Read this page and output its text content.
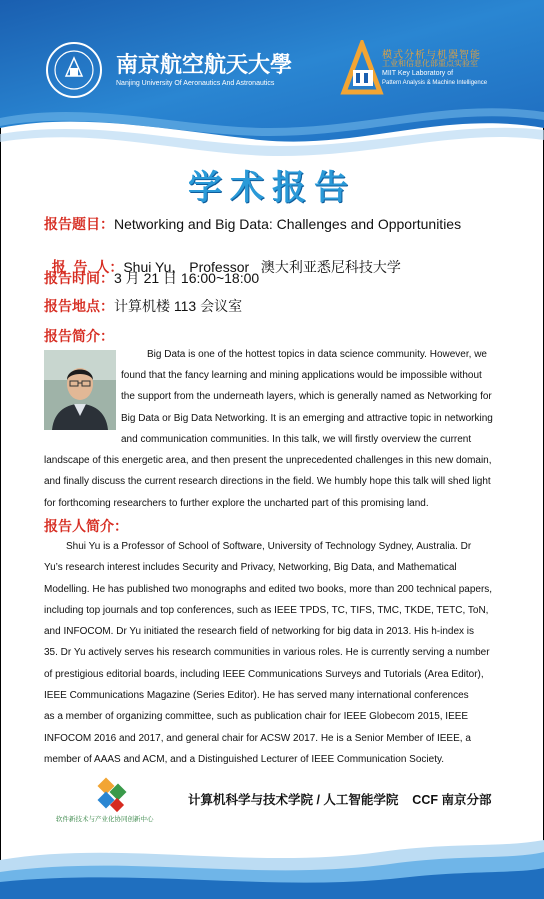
南京航空航天大學
Nanjing University Of Aeronautics And Astronautics
模式分析与机器智能
工业和信息化部重点实验室
MIIT Key Laboratory of
Pattern Analysis & Machine Intelligence
学术报告
报告题目：Networking and Big Data: Challenges and Opportunities

报  告  人：Shui Yu， Professor   澳大利亚悉尼科技大学

报告时间：3 月 21 日 16:00~18:00
报告地点：计算机楼 113 会议室
报告简介：
Big Data is one of the hottest topics in data science community. However, we
found that the fancy learning and mining applications would be impossible without
the support from the underneath layers, which is generally named as Networking for
Big Data or Big Data Networking. It is an emerging and attractive topic in networking
and communication communities. In this talk, we will firstly overview the current
landscape of this energetic area, and then present the unprecedented challenges in this new domain,
and finally discuss the current research directions in the field. We humbly hope this talk will shed light
for forthcoming researchers to further explore the uncharted part of this promising land.
报告人简介：
Shui Yu is a Professor of School of Software, University of Technology Sydney, Australia. Dr
Yu’s research interest includes Security and Privacy, Networking, Big Data, and Mathematical
Modelling. He has published two monographs and edited two books, more than 200 technical papers,
including top journals and top conferences, such as IEEE TPDS, TC, TIFS, TMC, TKDE, TETC, ToN,
and INFOCOM. Dr Yu initiated the research field of networking for big data in 2013. His h-index is
35. Dr Yu actively serves his research communities in various roles. He is currently serving a number
of prestigious editorial boards, including IEEE Communications Surveys and Tutorials (Area Editor),
IEEE Communications Magazine (Series Editor). He has served many international conferences
as a member of organizing committee, such as publication chair for IEEE Globecom 2015, IEEE
INFOCOM 2016 and 2017, and general chair for ACSW 2017. He is a Senior Member of IEEE, a
member of AAAS and ACM, and a Distinguished Lecturer of IEEE Communication Society.
软件新技术与产业化协同创新中心
计算机科学与技术学院 / 人工智能学院    CCF 南京分部
